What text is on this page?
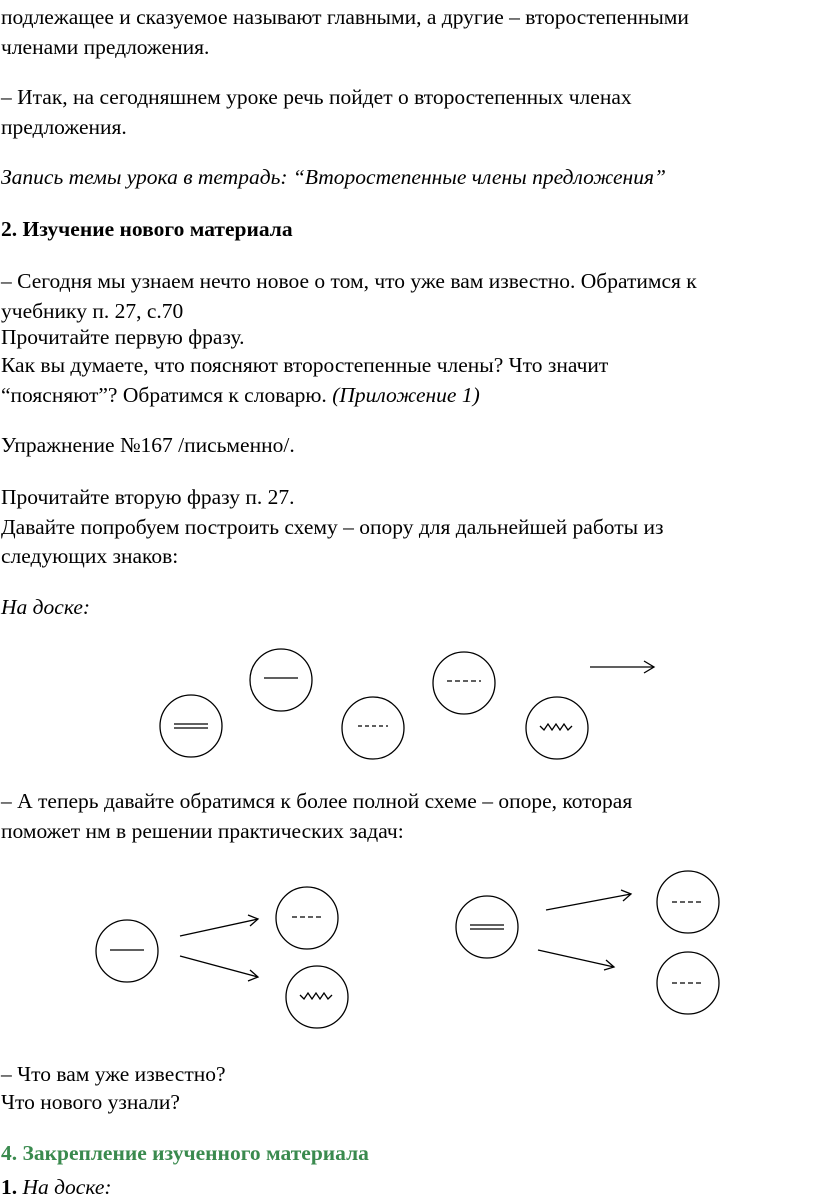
подлежащее и сказуемое называют главными, а другие – второстепенными

членами предложения.

– Итак, на сегодняшнем уроке речь пойдет о второстепенных членах

предложения.

Запись темы урока в тетрадь: “Второстепенные члены предложения”

2. Изучение нового материала

– Сегодня мы узнаем нечто новое о том, что уже вам известно. Обратимся к

учебнику п. 27, с.70

Прочитайте первую фразу.

Как вы думаете, что поясняют второстепенные члены? Что значит

“поясняют”? Обратимся к словарю. (Приложение 1)

Упражнение №167 /письменно/.

Прочитайте вторую фразу п. 27.

Давайте попробуем построить схему – опору для дальнейшей работы из

следующих знаков:

На доске:

– А теперь давайте обратимся к более полной схеме – опоре, которая

поможет нм в решении практических задач:

– Что вам уже известно?

Что нового узнали?

4. Закрепление изученного материала

1. На доске:
